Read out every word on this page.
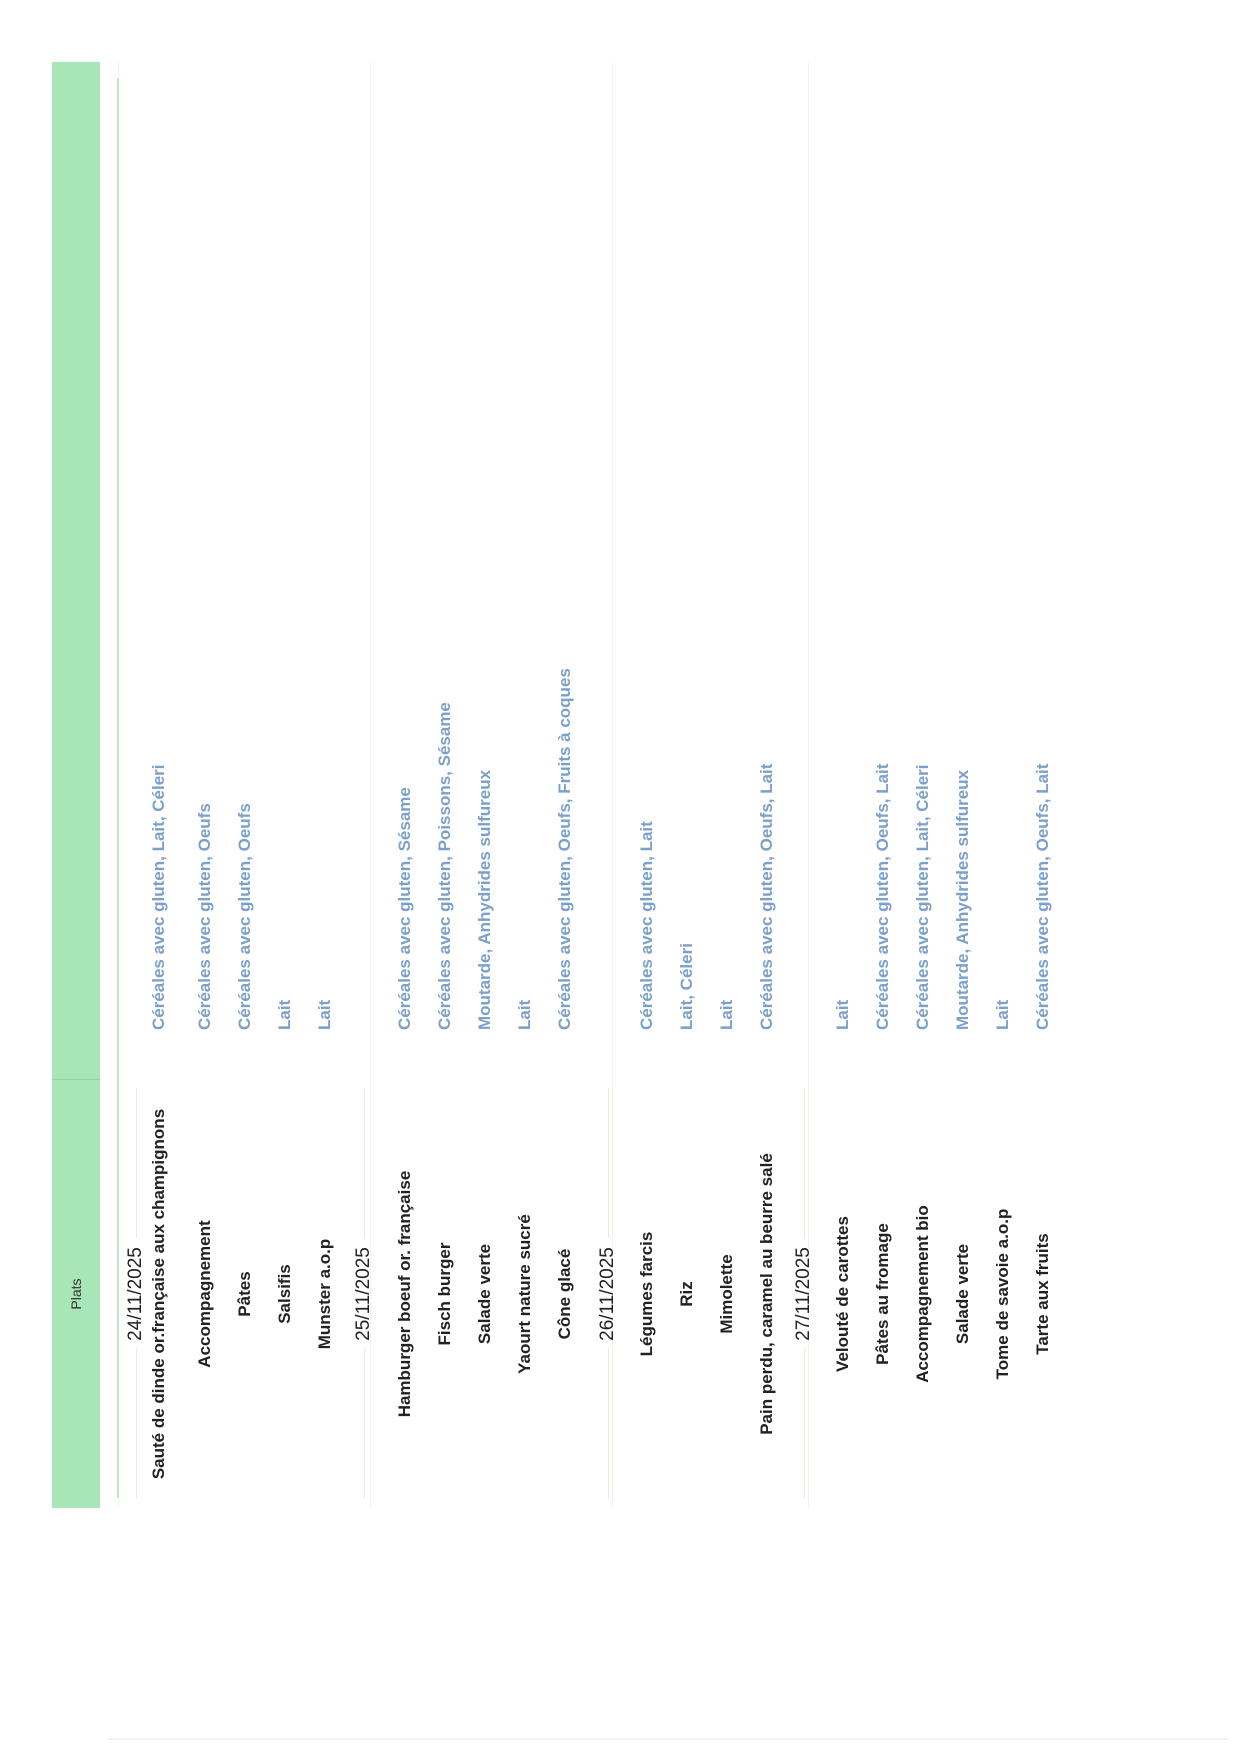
Plats	24/11/2025 Sauté de dinde or.française aux champignons
Céréales avec gluten, Lait, Céleri
Accompagnement
Céréales avec gluten, Oeufs
Pâtes
Céréales avec gluten, Oeufs
Salsifis
Lait
Munster a.o.p
Lait
25/11/2025 Hamburger boeuf or. française
Céréales avec gluten, Sésame
Fisch burger
Céréales avec gluten, Poissons, Sésame
Salade verte
Moutarde, Anhydrides sulfureux
Yaourt nature sucré
Lait
Cône glacé
Céréales avec gluten, Oeufs, Fruits à coques
26/11/2025 Légumes farcis
Céréales avec gluten, Lait
Riz
Lait, Céleri
Mimolette
Lait
Pain perdu, caramel au beurre salé
Céréales avec gluten, Oeufs, Lait
27/11/2025 Velouté de carottes
Lait
Pâtes au fromage
Céréales avec gluten, Oeufs, Lait
Accompagnement bio
Céréales avec gluten, Lait, Céleri
Salade verte
Moutarde, Anhydrides sulfureux
Tome de savoie a.o.p
Lait
Tarte aux fruits
Céréales avec gluten, Oeufs, Lait
